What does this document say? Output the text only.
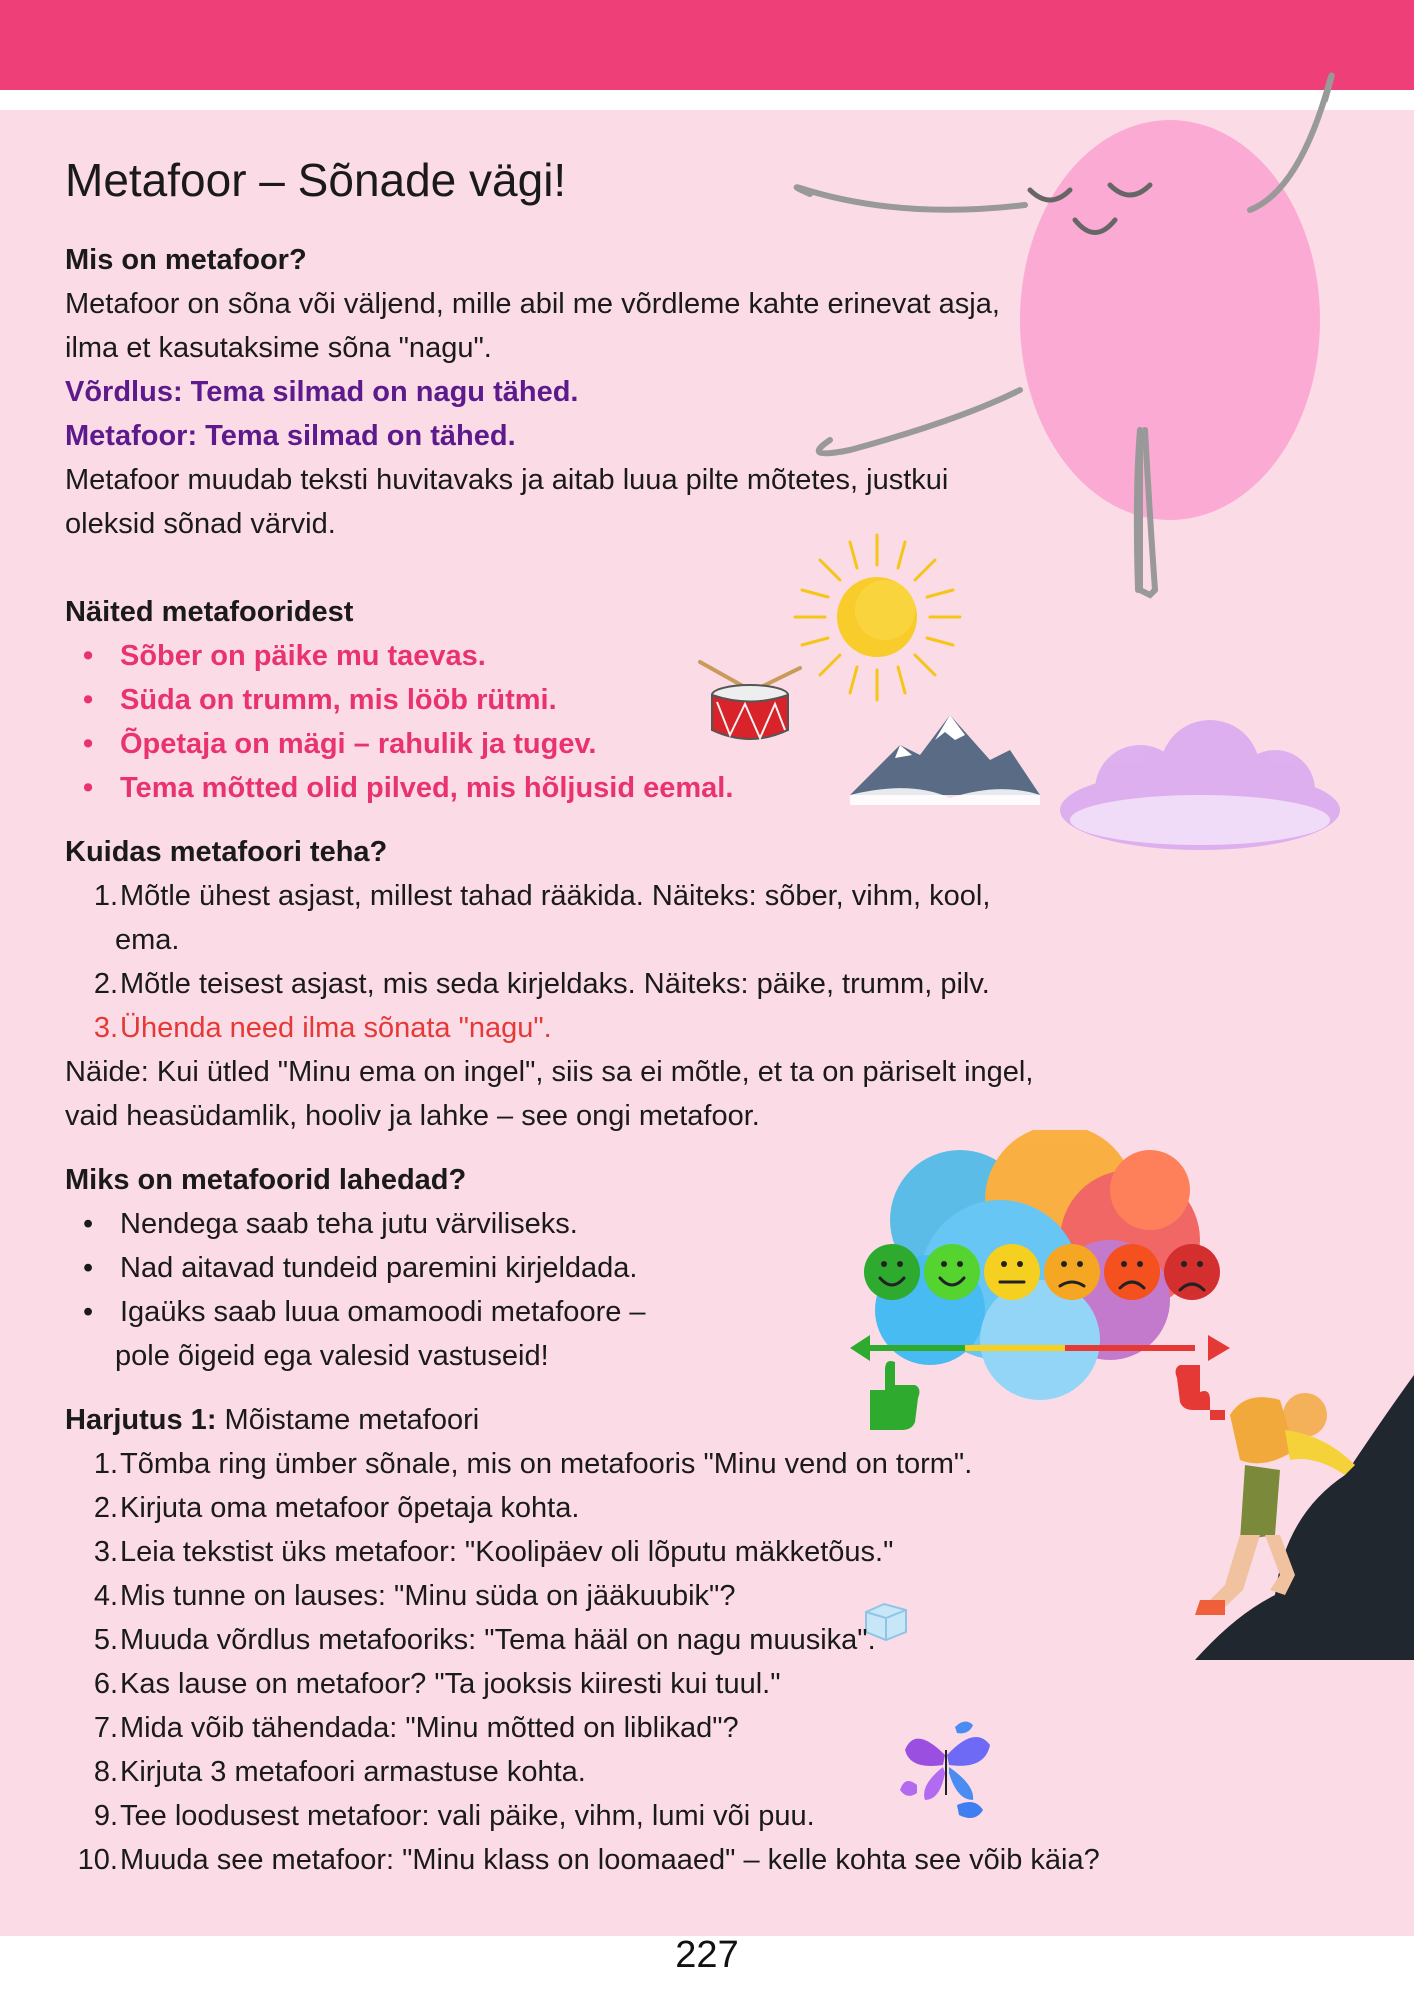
Metafoor – Sõnade vägi!

Mis on metafoor?

Metafoor on sõna või väljend, mille abil me võrdleme kahte erinevat asja,

ilma et kasutaksime sõna "nagu".

Võrdlus: Tema silmad on nagu tähed.

Metafoor: Tema silmad on tähed.

Metafoor muudab teksti huvitavaks ja aitab luua pilte mõtetes, justkui

oleksid sõnad värvid.

Näited metafooridest

• Sõber on päike mu taevas.
• Süda on trumm, mis lööb rütmi.
• Õpetaja on mägi – rahulik ja tugev.
• Tema mõtted olid pilved, mis hõljusid eemal.

Kuidas metafoori teha?

1. Mõtle ühest asjast, millest tahad rääkida. Näiteks: sõber, vihm, kool,
ema.
2. Mõtle teisest asjast, mis seda kirjeldaks. Näiteks: päike, trumm, pilv.
3. Ühenda need ilma sõnata "nagu".

Näide: Kui ütled "Minu ema on ingel", siis sa ei mõtle, et ta on päriselt ingel,

vaid heasüdamlik, hooliv ja lahke – see ongi metafoor.

Miks on metafoorid lahedad?

• Nendega saab teha jutu värviliseks.
• Nad aitavad tundeid paremini kirjeldada.
• Igaüks saab luua omamoodi metafoore –
pole õigeid ega valesid vastuseid!

Harjutus 1: Mõistame metafoori

1. Tõmba ring ümber sõnale, mis on metafooris "Minu vend on torm".
2. Kirjuta oma metafoor õpetaja kohta.
3. Leia tekstist üks metafoor: "Koolipäev oli lõputu mäkketõus."
4. Mis tunne on lauses: "Minu süda on jääkuubik"?
5. Muuda võrdlus metafooriks: "Tema hääl on nagu muusika".
6. Kas lause on metafoor? "Ta jooksis kiiresti kui tuul."
7. Mida võib tähendada: "Minu mõtted on liblikad"?
8. Kirjuta 3 metafoori armastuse kohta.
9. Tee loodusest metafoor: vali päike, vihm, lumi või puu.
10. Muuda see metafoor: "Minu klass on loomaaed" – kelle kohta see võib käia?
227
